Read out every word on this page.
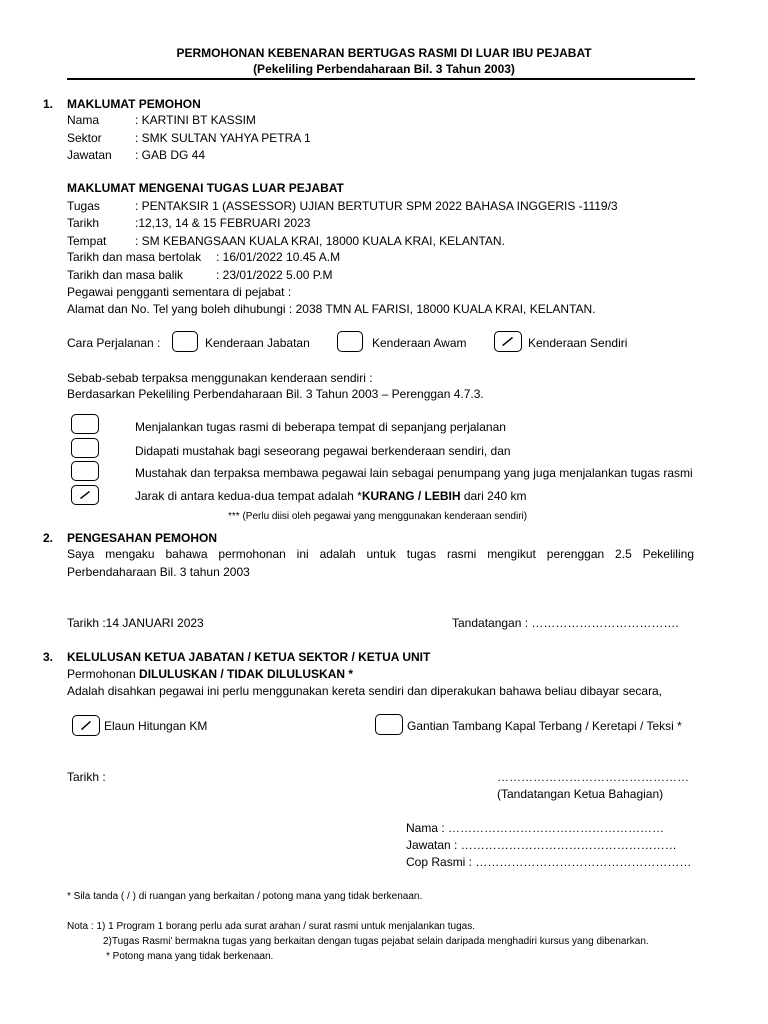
PERMOHONAN KEBENARAN BERTUGAS RASMI DI LUAR IBU PEJABAT
(Pekeliling Perbendaharaan Bil. 3 Tahun 2003)
1. MAKLUMAT PEMOHON
Nama	: KARTINI BT KASSIM
Sektor	: SMK SULTAN YAHYA PETRA 1
Jawatan : GAB DG 44
MAKLUMAT MENGENAI TUGAS LUAR PEJABAT
Tugas	: PENTAKSIR 1 (ASSESSOR) UJIAN BERTUTUR SPM 2022 BAHASA INGGERIS -1119/3
Tarikh	:12,13, 14 & 15 FEBRUARI 2023
Tempat : SM KEBANGSAAN KUALA KRAI, 18000 KUALA KRAI, KELANTAN.
Tarikh dan masa bertolak : 16/01/2022 10.45 A.M
Tarikh dan masa balik	: 23/01/2022 5.00 P.M
Pegawai pengganti sementara di pejabat :
Alamat dan No. Tel yang boleh dihubungi : 2038 TMN AL FARISI, 18000 KUALA KRAI, KELANTAN.
Cara Perjalanan :	Kenderaan Jabatan	Kenderaan Awam	Kenderaan Sendiri
Sebab-sebab terpaksa menggunakan kenderaan sendiri :
Berdasarkan Pekeliling Perbendaharaan Bil. 3 Tahun 2003 – Perenggan 4.7.3.
Menjalankan tugas rasmi di beberapa tempat di sepanjang perjalanan
Didapati mustahak bagi seseorang pegawai berkenderaan sendiri, dan
Mustahak dan terpaksa membawa pegawai lain sebagai penumpang yang juga menjalankan tugas rasmi
Jarak di antara kedua-dua tempat adalah *KURANG / LEBIH dari 240 km
*** (Perlu diisi oleh pegawai yang menggunakan kenderaan sendiri)
2. PENGESAHAN PEMOHON
Saya mengaku bahawa permohonan ini adalah untuk tugas rasmi mengikut perenggan 2.5 Pekeliling
Perbendaharaan Bil. 3 tahun 2003
Tarikh :14 JANUARI 2023	Tandatangan : ……………………………….
3. KELULUSAN KETUA JABATAN / KETUA SEKTOR / KETUA UNIT
Permohonan DILULUSKAN / TIDAK DILULUSKAN *
Adalah disahkan pegawai ini perlu menggunakan kereta sendiri dan diperakukan bahawa beliau dibayar secara,
Elaun Hitungan KM	Gantian Tambang Kapal Terbang / Keretapi / Teksi *
Tarikh :	…………………………………………
(Tandatangan Ketua Bahagian)
Nama : ………………………………………………
Jawatan : ………………………………………………
Cop Rasmi : ………………………………………………
* Sila tanda ( / ) di ruangan yang berkaitan / potong mana yang tidak berkenaan.
Nota : 1) 1 Program 1 borang perlu ada surat arahan / surat rasmi untuk menjalankan tugas.
2)Tugas Rasmi’ bermakna tugas yang berkaitan dengan tugas pejabat selain daripada menghadiri kursus yang dibenarkan.
* Potong mana yang tidak berkenaan.
